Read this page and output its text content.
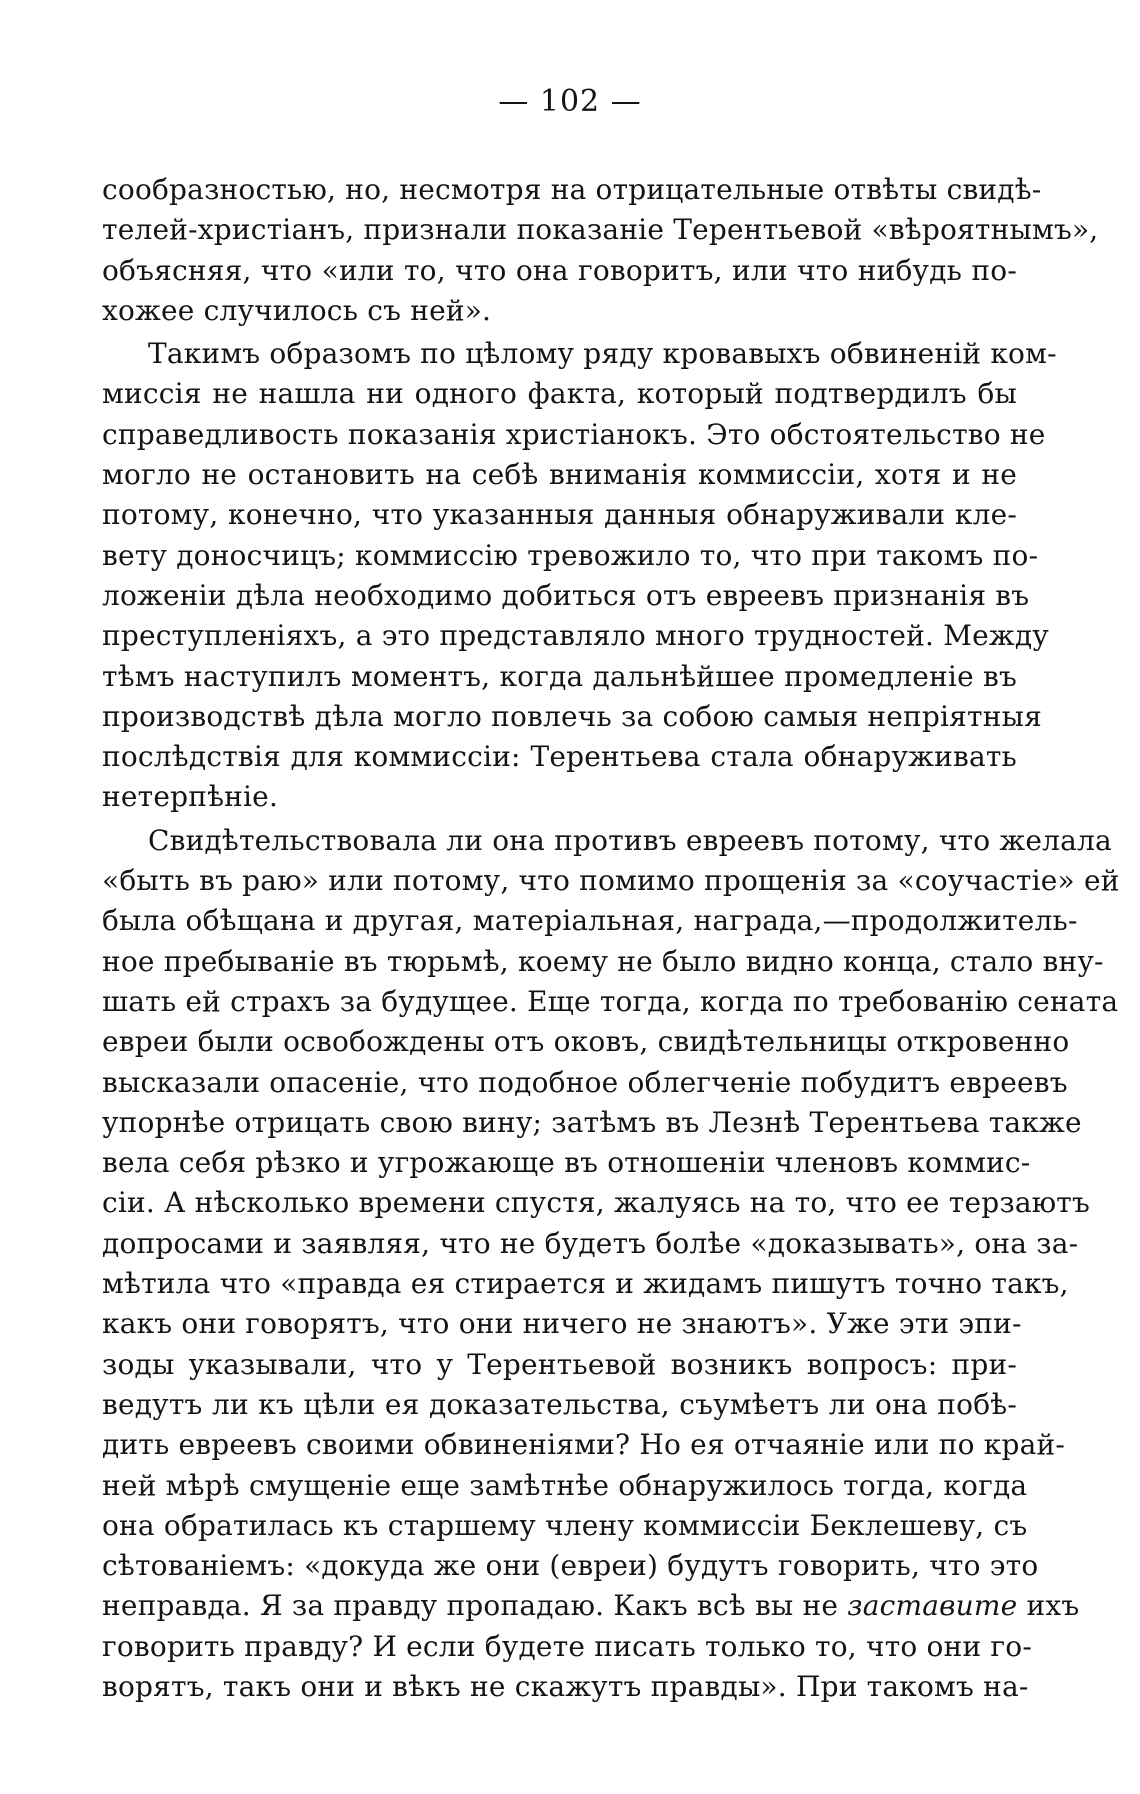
— 102 —
сообразностью, но, несмотря на отрицательные отвѣты свидѣ-
телей-христіанъ, признали показаніе Терентьевой «вѣроятнымъ»,
объясняя, что «или то, что она говоритъ, или что нибудь по-
хожее случилось съ ней».
Такимъ образомъ по цѣлому ряду кровавыхъ обвиненій ком-
миссія не нашла ни одного факта, который подтвердилъ бы
справедливость показанія христіанокъ. Это обстоятельство не
могло не остановить на себѣ вниманія коммиссіи, хотя и не
потому, конечно, что указанныя данныя обнаруживали кле-
вету доносчицъ; коммиссію тревожило то, что при такомъ по-
ложеніи дѣла необходимо добиться отъ евреевъ признанія въ
преступленіяхъ, а это представляло много трудностей. Между
тѣмъ наступилъ моментъ, когда дальнѣйшее промедленіе въ
производствѣ дѣла могло повлечь за собою самыя непріятныя
послѣдствія для коммиссіи: Терентьева стала обнаруживать
нетерпѣніе.
Свидѣтельствовала ли она противъ евреевъ потому, что желала
«быть въ раю» или потому, что помимо прощенія за «соучастіе» ей
была обѣщана и другая, матеріальная, награда,—продолжитель-
ное пребываніе въ тюрьмѣ, коему не было видно конца, стало вну-
шать ей страхъ за будущее. Еще тогда, когда по требованію сената
евреи были освобождены отъ оковъ, свидѣтельницы откровенно
высказали опасеніе, что подобное облегченіе побудитъ евреевъ
упорнѣе отрицать свою вину; затѣмъ въ Лезнѣ Терентьева также
вела себя рѣзко и угрожающе въ отношеніи членовъ коммис-
сіи. А нѣсколько времени спустя, жалуясь на то, что ее терзаютъ
допросами и заявляя, что не будетъ болѣе «доказывать», она за-
мѣтила что «правда ея стирается и жидамъ пишутъ точно такъ,
какъ они говорятъ, что они ничего не знаютъ». Уже эти эпи-
зоды указывали, что у Терентьевой возникъ вопросъ: при-
ведутъ ли къ цѣли ея доказательства, съумѣетъ ли она побѣ-
дить евреевъ своими обвиненіями? Но ея отчаяніе или по край-
ней мѣрѣ смущеніе еще замѣтнѣе обнаружилось тогда, когда
она обратилась къ старшему члену коммиссіи Беклешеву, съ
сѣтованіемъ: «докуда же они (евреи) будутъ говорить, что это
неправда. Я за правду пропадаю. Какъ всѣ вы не заставите ихъ
говорить правду? И если будете писать только то, что они го-
ворятъ, такъ они и вѣкъ не скажутъ правды». При такомъ на-
